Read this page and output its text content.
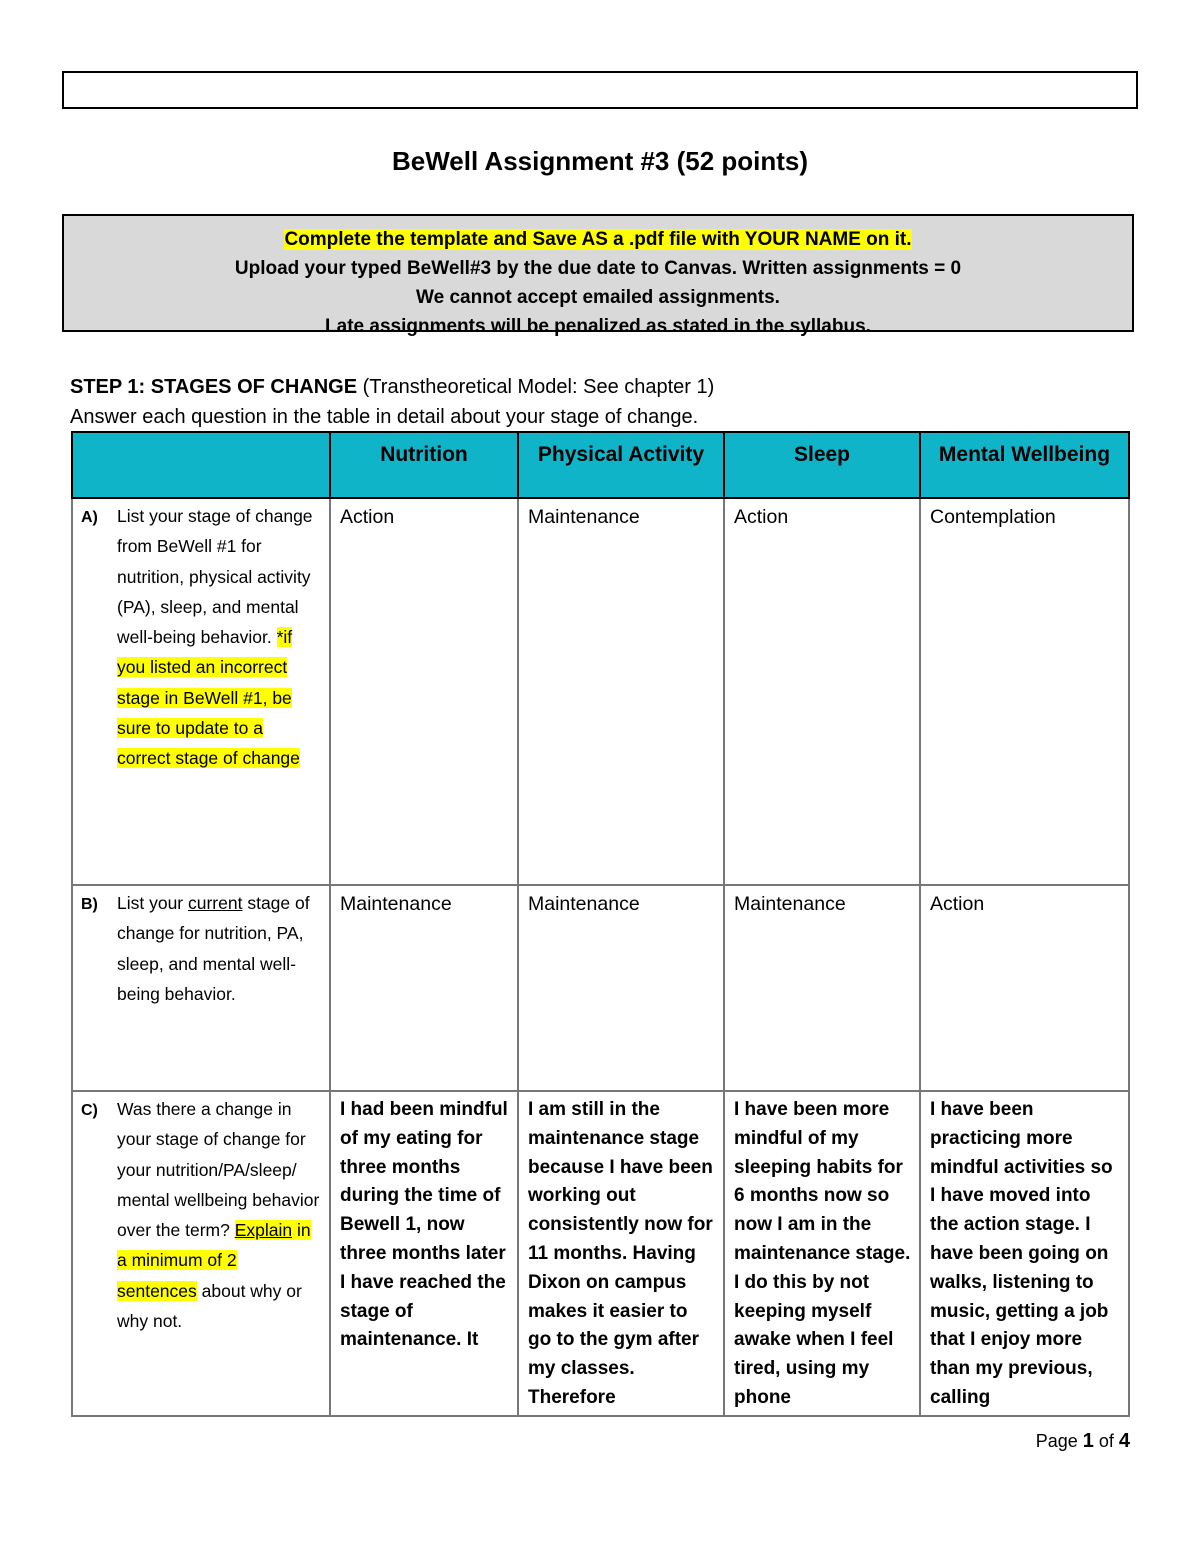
BeWell Assignment #3 (52 points)
Complete the template and Save AS a .pdf file with YOUR NAME on it.
Upload your typed BeWell#3 by the due date to Canvas. Written assignments = 0
We cannot accept emailed assignments.
Late assignments will be penalized as stated in the syllabus.
STEP 1: STAGES OF CHANGE (Transtheoretical Model: See chapter 1)
Answer each question in the table in detail about your stage of change.
	Nutrition	Physical Activity	Sleep	Mental Wellbeing

A) List your stage of change from BeWell #1 for nutrition, physical activity (PA), sleep, and mental well-being behavior. *if you listed an incorrect stage in BeWell #1, be sure to update to a correct stage of change	Action	Maintenance	Action	Contemplation

B) List your current stage of change for nutrition, PA, sleep, and mental well-being behavior.	Maintenance	Maintenance	Maintenance	Action

C) Was there a change in your stage of change for your nutrition/PA/sleep/ mental wellbeing behavior over the term? Explain in a minimum of 2 sentences about why or why not.	I had been mindful of my eating for three months during the time of Bewell 1, now three months later I have reached the stage of maintenance. It	I am still in the maintenance stage because I have been working out consistently now for 11 months. Having Dixon on campus makes it easier to go to the gym after my classes. Therefore	I have been more mindful of my sleeping habits for 6 months now so now I am in the maintenance stage. I do this by not keeping myself awake when I feel tired, using my phone	I have been practicing more mindful activities so I have moved into the action stage. I have been going on walks, listening to music, getting a job that I enjoy more than my previous, calling
Page 1 of 4
